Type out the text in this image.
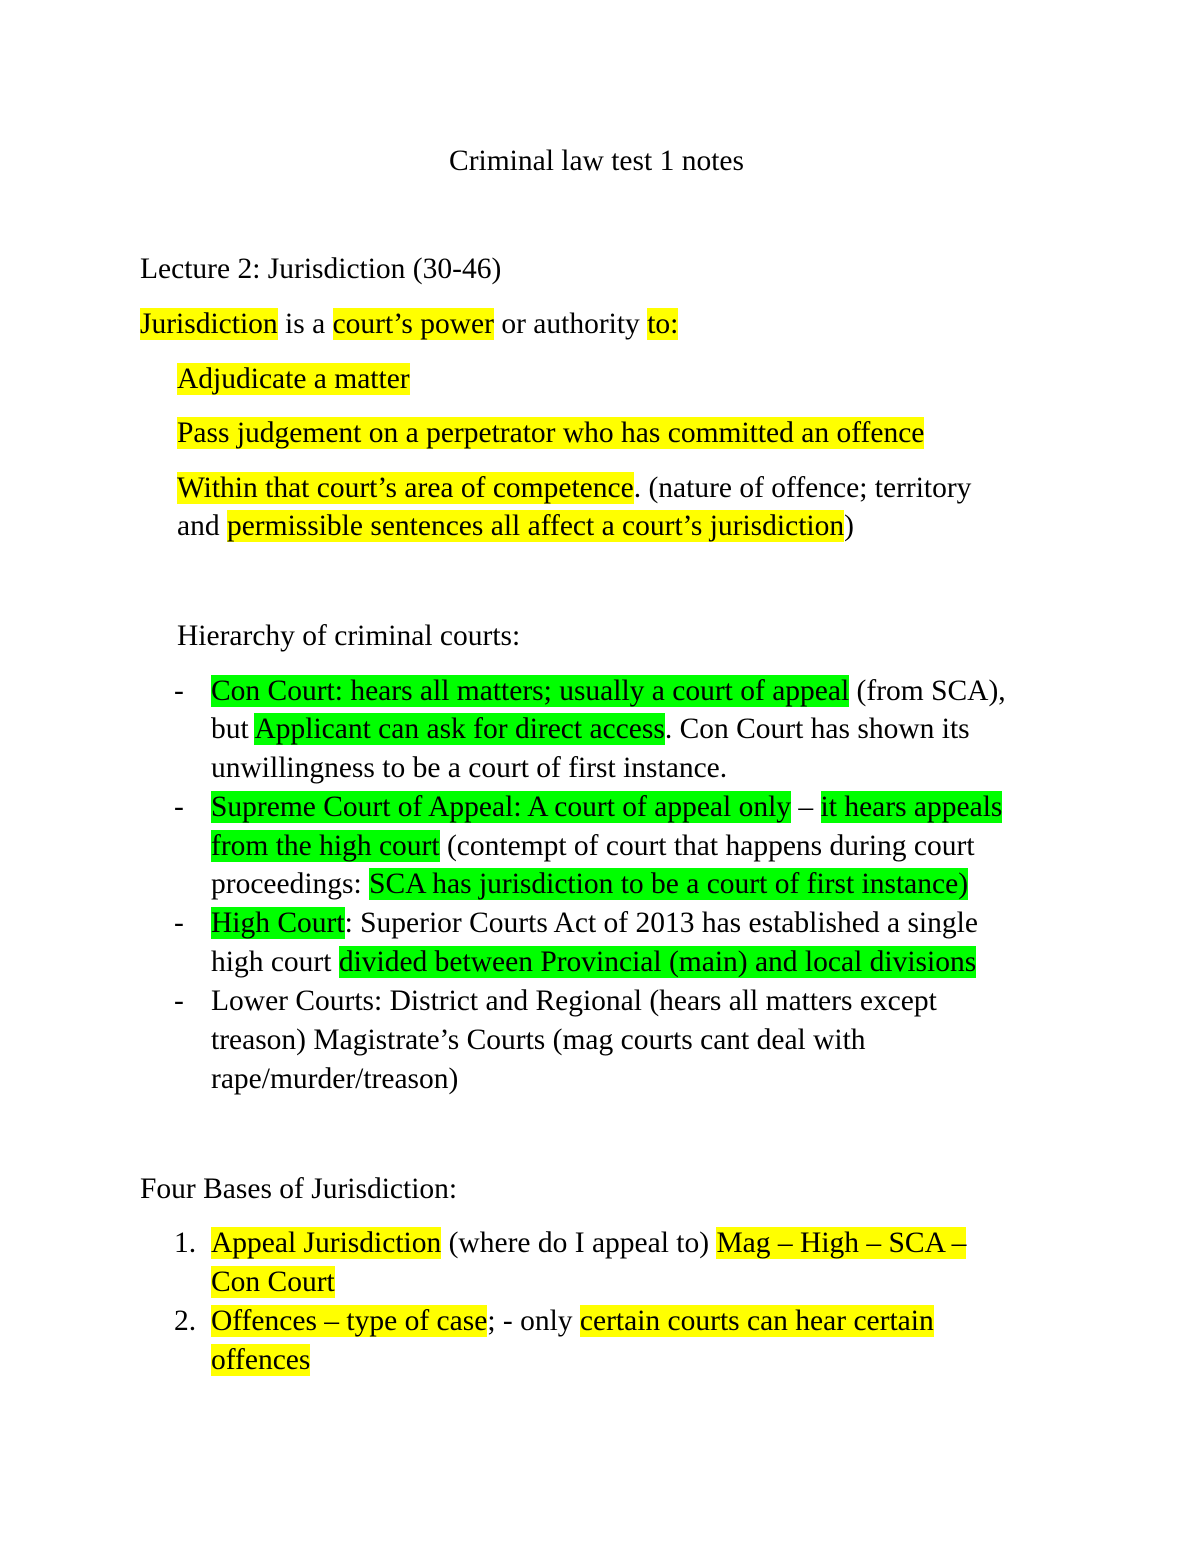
Criminal law test 1 notes
Lecture 2: Jurisdiction (30-46)
Jurisdiction is a court’s power or authority to:
Adjudicate a matter
Pass judgement on a perpetrator who has committed an offence
Within that court’s area of competence. (nature of offence; territory
and permissible sentences all affect a court’s jurisdiction)
Hierarchy of criminal courts:
- Con Court: hears all matters; usually a court of appeal (from SCA),
but Applicant can ask for direct access. Con Court has shown its
unwillingness to be a court of first instance.
- Supreme Court of Appeal: A court of appeal only – it hears appeals
from the high court (contempt of court that happens during court
proceedings: SCA has jurisdiction to be a court of first instance)
- High Court: Superior Courts Act of 2013 has established a single
high court divided between Provincial (main) and local divisions
- Lower Courts: District and Regional (hears all matters except
treason) Magistrate’s Courts (mag courts cant deal with
rape/murder/treason)
Four Bases of Jurisdiction:
1. Appeal Jurisdiction (where do I appeal to) Mag – High – SCA –
Con Court
2. Offences – type of case; - only certain courts can hear certain
offences
